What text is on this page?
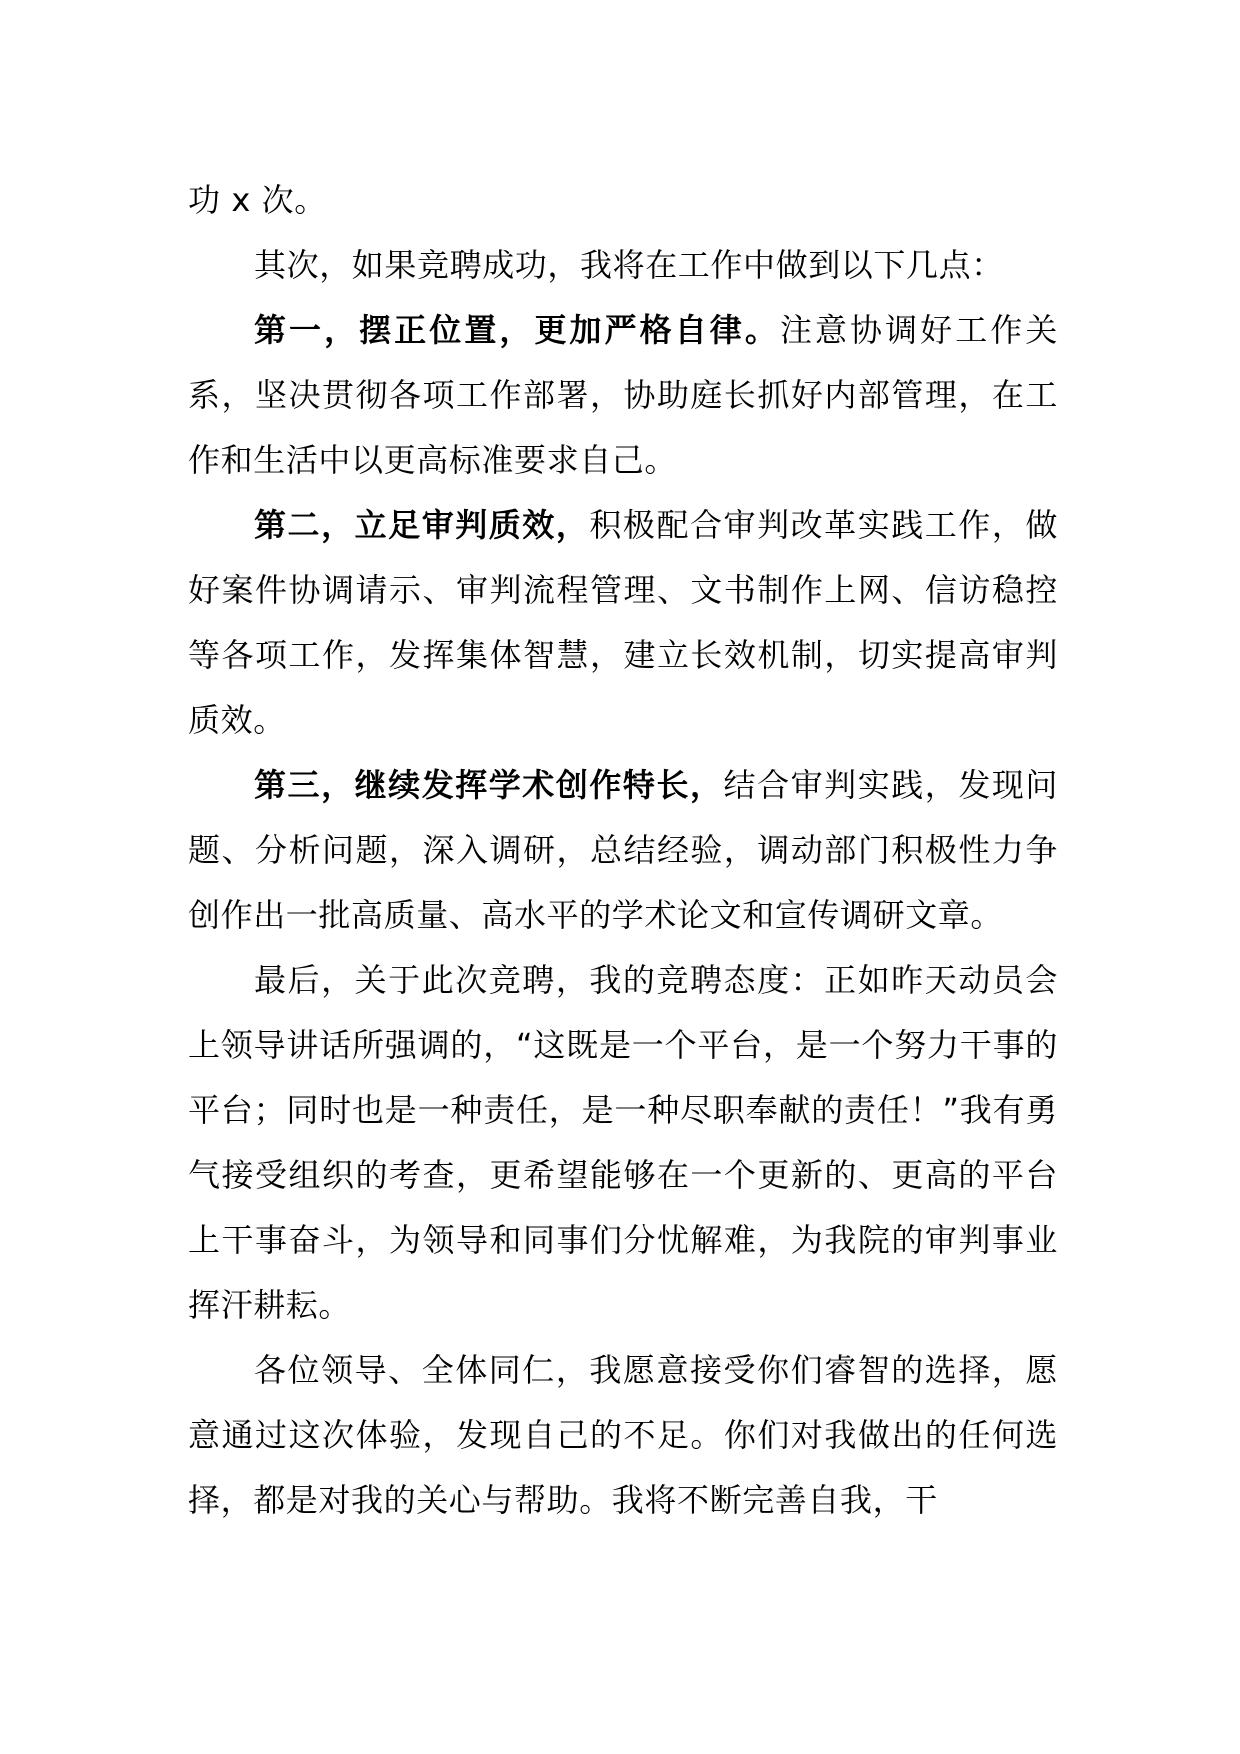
功 x 次。

其次，如果竞聘成功，我将在工作中做到以下几点：

第一，摆正位置，更加严格自律。注意协调好工作关系，坚决贯彻各项工作部署，协助庭长抓好内部管理，在工作和生活中以更高标准要求自己。

第二，立足审判质效，积极配合审判改革实践工作，做好案件协调请示、审判流程管理、文书制作上网、信访稳控等各项工作，发挥集体智慧，建立长效机制，切实提高审判质效。

第三，继续发挥学术创作特长，结合审判实践，发现问题、分析问题，深入调研，总结经验，调动部门积极性力争创作出一批高质量、高水平的学术论文和宣传调研文章。

最后，关于此次竞聘，我的竞聘态度：正如昨天动员会上领导讲话所强调的，“这既是一个平台，是一个努力干事的平台；同时也是一种责任，是一种尽职奉献的责任！”我有勇气接受组织的考查，更希望能够在一个更新的、更高的平台上干事奋斗，为领导和同事们分忧解难，为我院的审判事业挥汗耕耘。

各位领导、全体同仁，我愿意接受你们睿智的选择，愿意通过这次体验，发现自己的不足。你们对我做出的任何选择，都是对我的关心与帮助。我将不断完善自我，干
